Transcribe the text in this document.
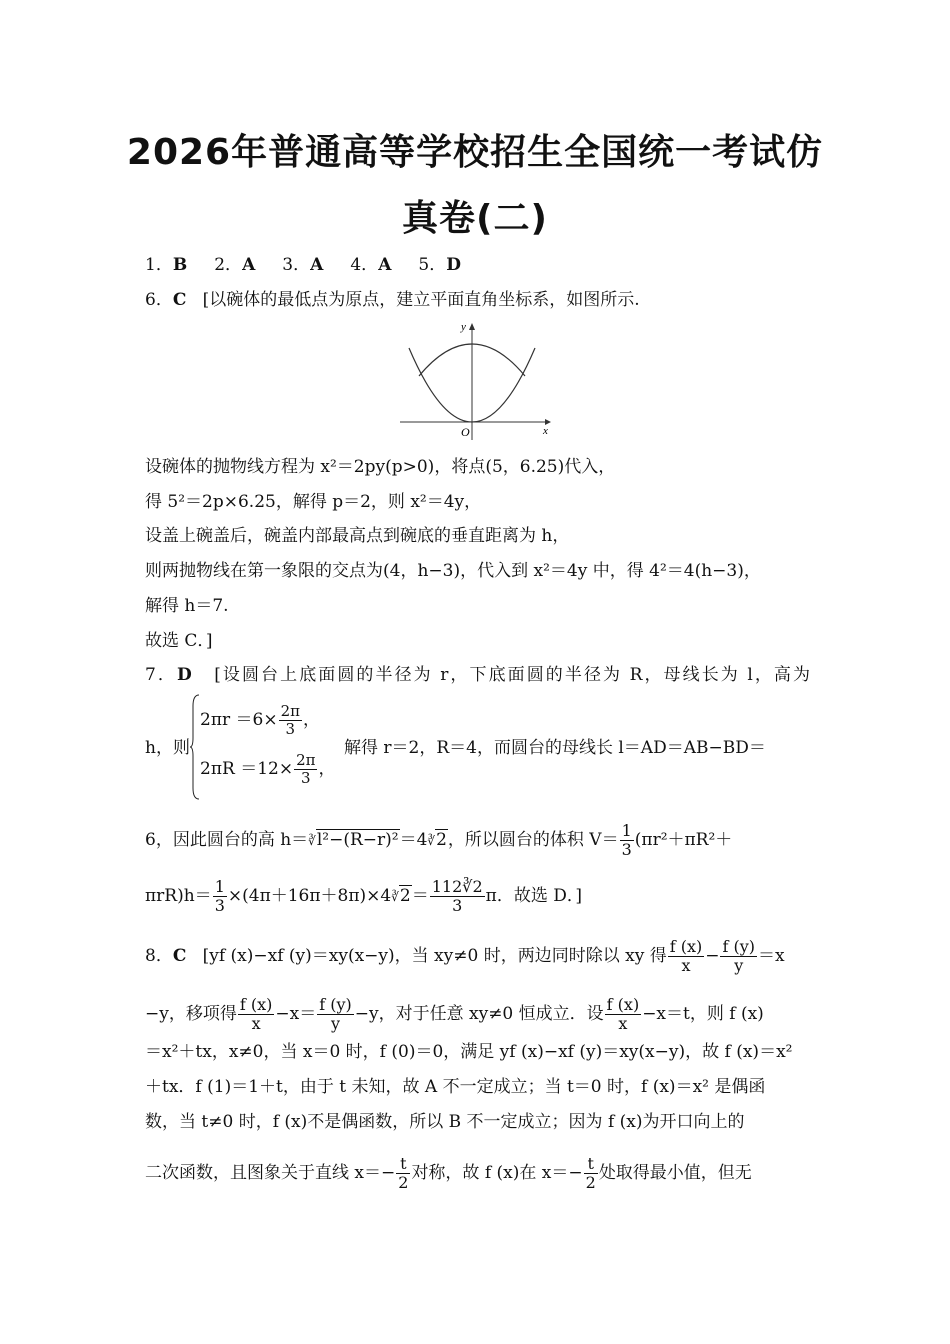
2026年普通高等学校招生全国统一考试仿
真卷(二)
1．B 2．A 3．A 4．A 5．D
6．C [以碗体的最低点为原点，建立平面直角坐标系，如图所示.
y
x
O
设碗体的抛物线方程为 x²＝2py(p>0)，将点(5，6.25)代入，
得 5²＝2p×6.25，解得 p＝2，则 x²＝4y，
设盖上碗盖后，碗盖内部最高点到碗底的垂直距离为 h，
则两抛物线在第一象限的交点为(4，h−3)，代入到 x²＝4y 中，得 4²＝4(h−3)，
解得 h＝7.
故选 C．]
7．D [设圆台上底面圆的半径为 r，下底面圆的半径为 R，母线长为 l，高为
h，则
$2\pi r =6\times \frac{2\pi}{3}$ ，
$2\pi R =12\times \frac{2\pi}{3}$ ，
解得 r＝2，R＝4，而圆台的母线长 l＝AD＝AB−BD＝
6，因此圆台的高 h＝∛l²−(R−r)²＝4∛2，所以圆台的体积 $V= \frac{1}{3} (\pi r^2+\pi R^2+$
$\pi rR)h= \frac{1}{3}$ ×(4π＋16π＋8π)×4∛2＝ $\frac{112∛2}{3}$ π．故选 D．]
8．C [yf (x)−xf (y)＝xy(x−y)，当 xy≠0 时，两边同时除以 xy 得 $\frac{f (x)}{x} - \frac{f (y)}{y} =x$
−y，移项得 $\frac{f (x)}{x} -x= \frac{f (y)}{y} -y$，对于任意 xy≠0 恒成立．设 $\frac{f (x)}{x} -x=t$，则 f (x)
＝x²＋tx，x≠0，当 x＝0 时，f (0)＝0，满足 yf (x)−xf (y)＝xy(x−y)，故 f (x)＝x²
＋tx．f (1)＝1＋t，由于 t 未知，故 A 不一定成立；当 t＝0 时，f (x)＝x² 是偶函
数，当 t≠0 时，f (x)不是偶函数，所以 B 不一定成立；因为 f (x)为开口向上的
二次函数，且图象关于直线 $x=- \frac{t}{2}$ 对称，故 f (x)在 $x=- \frac{t}{2}$ 处取得最小值，但无
